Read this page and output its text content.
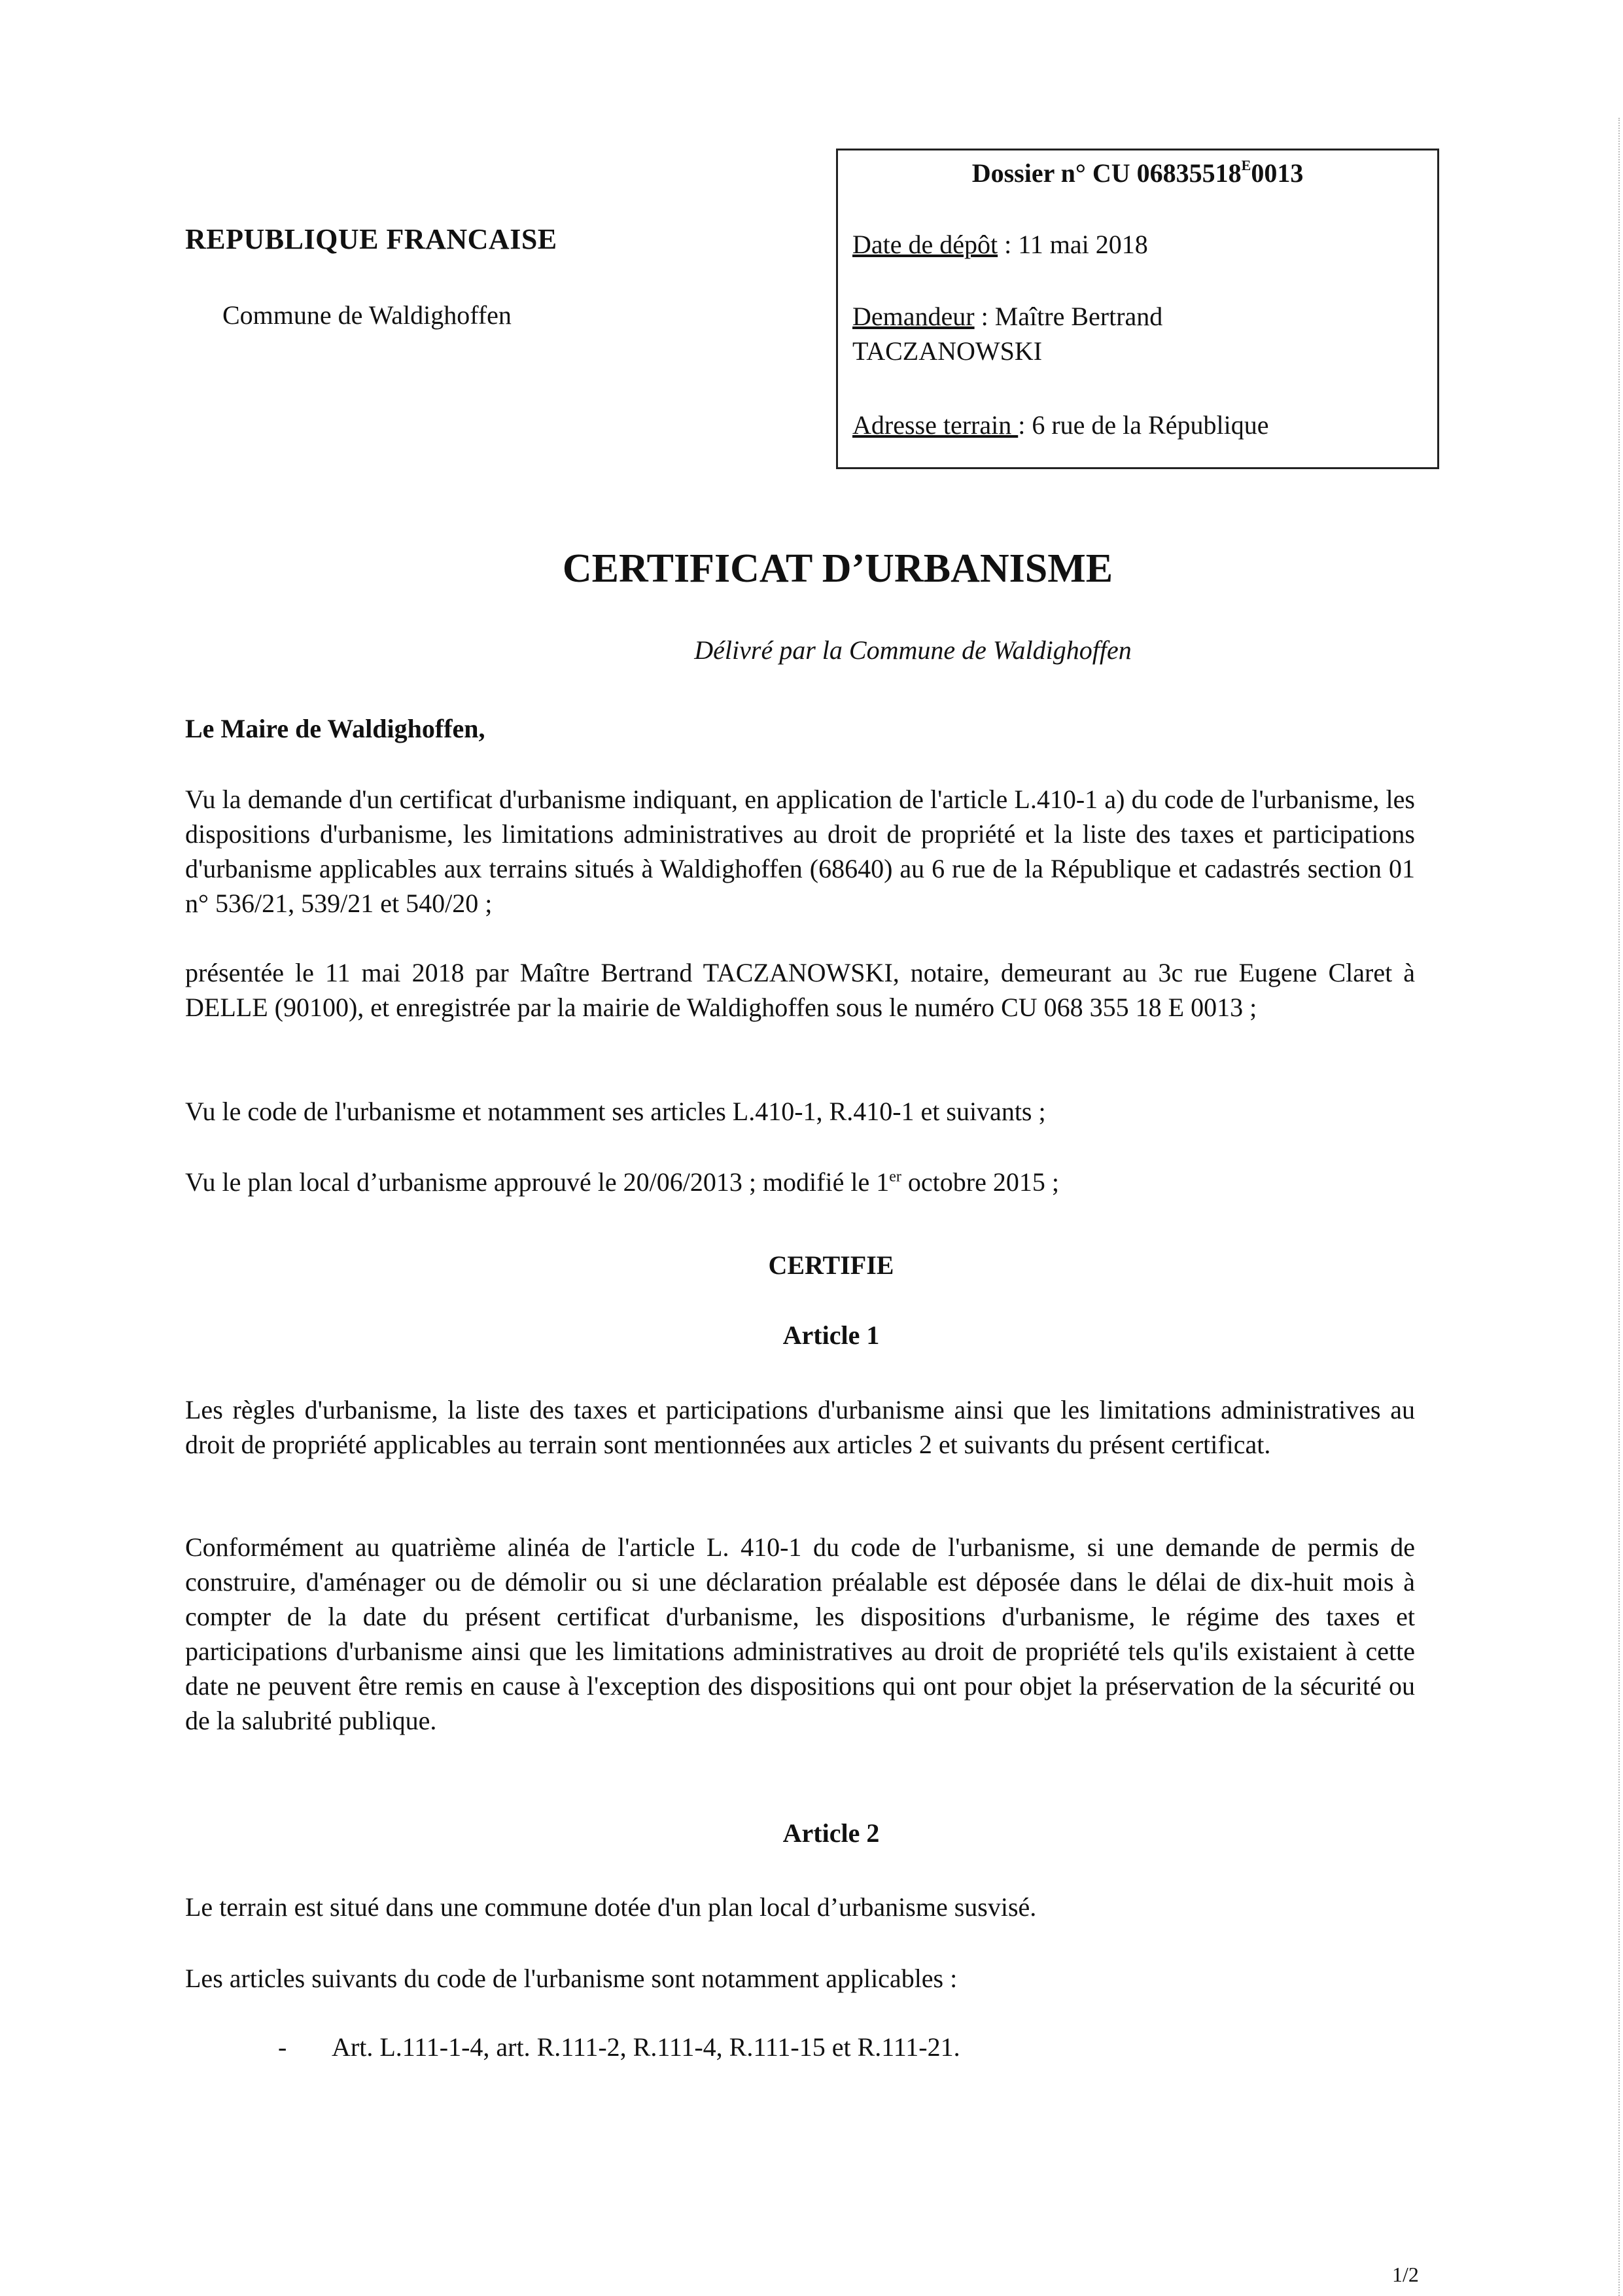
REPUBLIQUE FRANCAISE
Commune de Waldighoffen
Dossier n° CU $06835518^E0013$
Date de dépôt : 11 mai 2018
Demandeur : Maître Bertrand
TACZANOWSKI
Adresse terrain : 6 rue de la République
CERTIFICAT D’URBANISME
Délivré par la Commune de Waldighoffen
Le Maire de Waldighoffen,
Vu la demande d'un certificat d'urbanisme indiquant, en application de l'article L.410-1 a) du code de l'urbanisme, les dispositions d'urbanisme, les limitations administratives au droit de propriété et la liste des taxes et participations d'urbanisme applicables aux terrains situés à Waldighoffen (68640) au 6 rue de la République et cadastrés section 01 n° 536/21, 539/21 et 540/20 ;
présentée le 11 mai 2018 par Maître Bertrand TACZANOWSKI, notaire, demeurant au 3c rue Eugene Claret à DELLE (90100), et enregistrée par la mairie de Waldighoffen sous le numéro CU 068 355 18 E 0013 ;
Vu le code de l'urbanisme et notamment ses articles L.410-1, R.410-1 et suivants ;
Vu le plan local d’urbanisme approuvé le 20/06/2013 ; modifié le 1er octobre 2015 ;
CERTIFIE
Article 1
Les règles d'urbanisme, la liste des taxes et participations d'urbanisme ainsi que les limitations administratives au droit de propriété applicables au terrain sont mentionnées aux articles 2 et suivants du présent certificat.
Conformément au quatrième alinéa de l'article L. 410-1 du code de l'urbanisme, si une demande de permis de construire, d'aménager ou de démolir ou si une déclaration préalable est déposée dans le délai de dix-huit mois à compter de la date du présent certificat d'urbanisme, les dispositions d'urbanisme, le régime des taxes et participations d'urbanisme ainsi que les limitations administratives au droit de propriété tels qu'ils existaient à cette date ne peuvent être remis en cause à l'exception des dispositions qui ont pour objet la préservation de la sécurité ou de la salubrité publique.
Article 2
Le terrain est situé dans une commune dotée d'un plan local d’urbanisme susvisé.
Les articles suivants du code de l'urbanisme sont notamment applicables :
- Art. L.111-1-4, art. R.111-2, R.111-4, R.111-15 et R.111-21.
1/2
